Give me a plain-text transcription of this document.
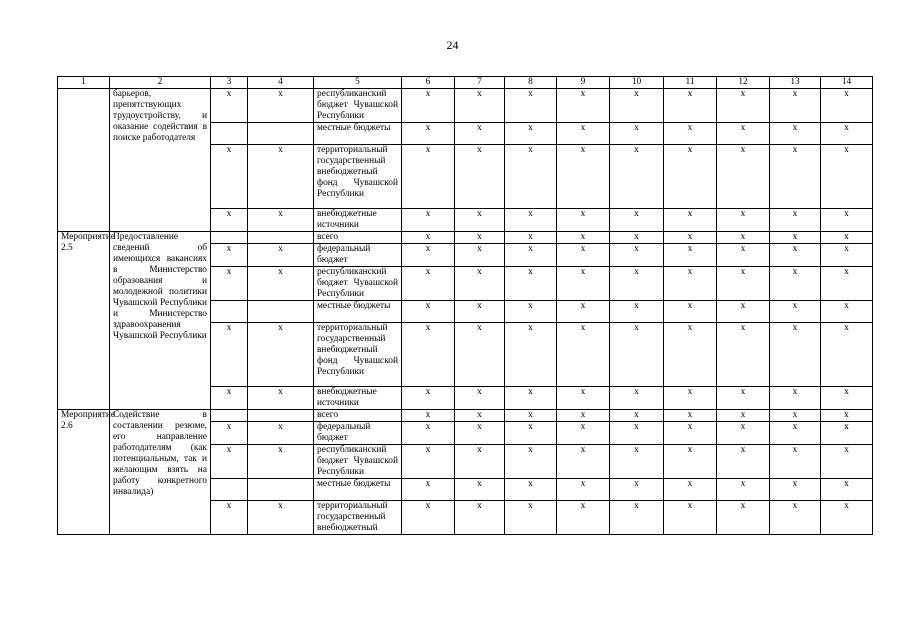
24
1	2	3	4	5	6	7	8	9	10	11	12	13	14
	барьеров, препятствующих трудоустройству, и оказание содействия в поиске работодателя	х	х	республиканский бюджет Чувашской Республики	х	х	х	х	х	х	х	х	х
				местные бюджеты	х	х	х	х	х	х	х	х	х
		х	х	территориальный государственный внебюджетный фонд Чувашской Республики	х	х	х	х	х	х	х	х	х
		х	х	внебюджетные источники	х	х	х	х	х	х	х	х	х
Мероприятие 2.5	Предоставление сведений об имеющихся вакансиях в Министерство образования и молодежной политики Чувашской Республики и Министерство здравоохранения Чувашской Республики			всего	х	х	х	х	х	х	х	х	х
		х	х	федеральный бюджет	х	х	х	х	х	х	х	х	х
		х	х	республиканский бюджет Чувашской Республики	х	х	х	х	х	х	х	х	х
				местные бюджеты	х	х	х	х	х	х	х	х	х
		х	х	территориальный государственный внебюджетный фонд Чувашской Республики	х	х	х	х	х	х	х	х	х
		х	х	внебюджетные источники	х	х	х	х	х	х	х	х	х
Мероприятие 2.6	Содействие в составлении резюме, его направление работодателям (как потенциальным, так и желающим взять на работу конкретного инвалида)			всего	х	х	х	х	х	х	х	х	х
		х	х	федеральный бюджет	х	х	х	х	х	х	х	х	х
		х	х	республиканский бюджет Чувашской Республики	х	х	х	х	х	х	х	х	х
				местные бюджеты	х	х	х	х	х	х	х	х	х
		х	х	территориальный государственный внебюджетный	х	х	х	х	х	х	х	х	х
